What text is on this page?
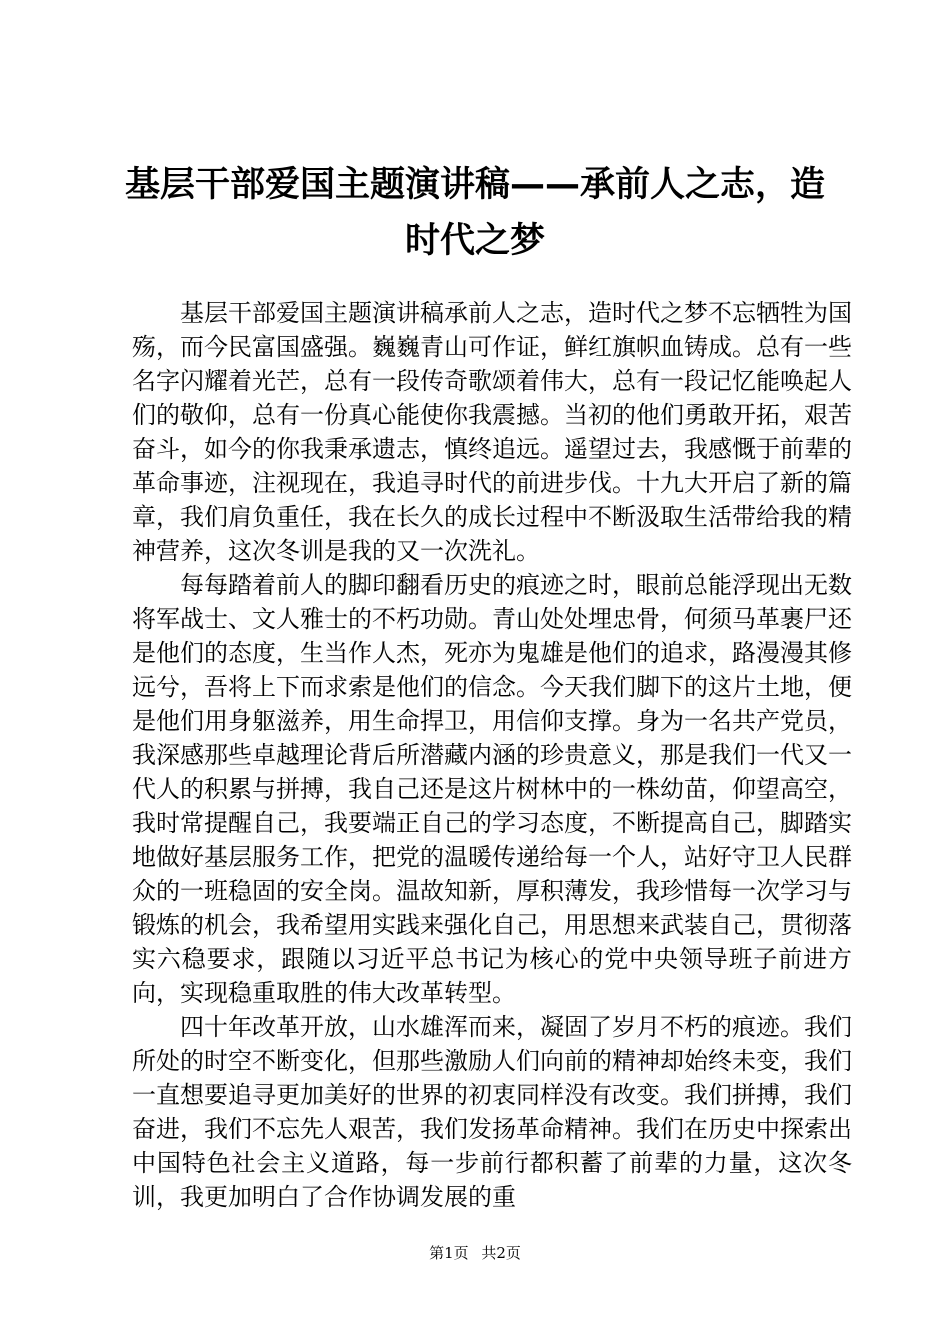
基层干部爱国主题演讲稿——承前人之志，造时代之梦

基层干部爱国主题演讲稿承前人之志，造时代之梦不忘牺牲为国殇，而今民富国盛强。巍巍青山可作证，鲜红旗帜血铸成。总有一些名字闪耀着光芒，总有一段传奇歌颂着伟大，总有一段记忆能唤起人们的敬仰，总有一份真心能使你我震撼。当初的他们勇敢开拓，艰苦奋斗，如今的你我秉承遗志，慎终追远。遥望过去，我感慨于前辈的革命事迹，注视现在，我追寻时代的前进步伐。十九大开启了新的篇章，我们肩负重任，我在长久的成长过程中不断汲取生活带给我的精神营养，这次冬训是我的又一次洗礼。

每每踏着前人的脚印翻看历史的痕迹之时，眼前总能浮现出无数将军战士、文人雅士的不朽功勋。青山处处埋忠骨，何须马革裹尸还是他们的态度，生当作人杰，死亦为鬼雄是他们的追求，路漫漫其修远兮，吾将上下而求索是他们的信念。今天我们脚下的这片土地，便是他们用身躯滋养，用生命捍卫，用信仰支撑。身为一名共产党员，我深感那些卓越理论背后所潜藏内涵的珍贵意义，那是我们一代又一代人的积累与拼搏，我自己还是这片树林中的一株幼苗，仰望高空，我时常提醒自己，我要端正自己的学习态度，不断提高自己，脚踏实地做好基层服务工作，把党的温暖传递给每一个人，站好守卫人民群众的一班稳固的安全岗。温故知新，厚积薄发，我珍惜每一次学习与锻炼的机会，我希望用实践来强化自己，用思想来武装自己，贯彻落实六稳要求，跟随以习近平总书记为核心的党中央领导班子前进方向，实现稳重取胜的伟大改革转型。

四十年改革开放，山水雄浑而来，凝固了岁月不朽的痕迹。我们所处的时空不断变化，但那些激励人们向前的精神却始终未变，我们一直想要追寻更加美好的世界的初衷同样没有改变。我们拼搏，我们奋进，我们不忘先人艰苦，我们发扬革命精神。我们在历史中探索出中国特色社会主义道路，每一步前行都积蓄了前辈的力量，这次冬训，我更加明白了合作协调发展的重

第1页 共2页
